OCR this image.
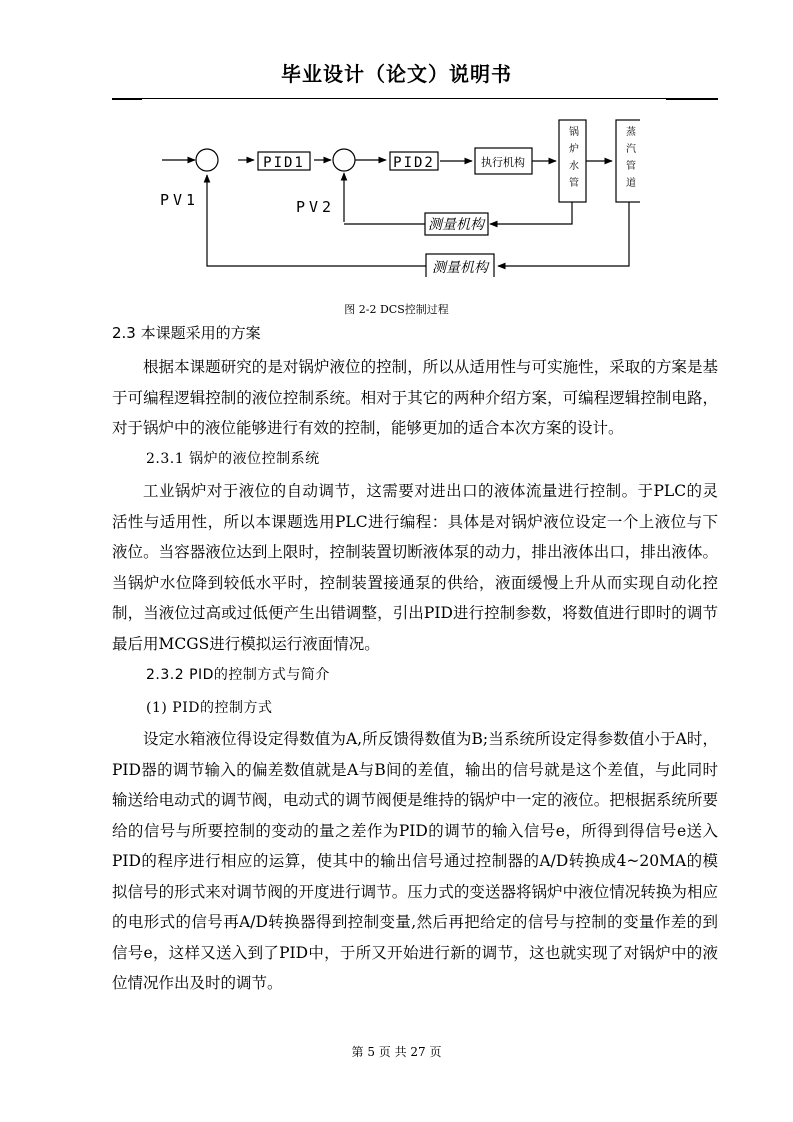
毕业设计（论文）说明书
PID1	PID2
PV1	PV2
执行机构
测量机构
测量机构
锅炉水管	蒸汽管道
图 2-2 DCS控制过程
2.3 本课题采用的方案
根据本课题研究的是对锅炉液位的控制，所以从适用性与可实施性，采取的方案是基于可编程逻辑控制的液位控制系统。相对于其它的两种介绍方案，可编程逻辑控制电路，对于锅炉中的液位能够进行有效的控制，能够更加的适合本次方案的设计。
2.3.1 锅炉的液位控制系统
工业锅炉对于液位的自动调节，这需要对进出口的液体流量进行控制。于PLC的灵活性与适用性，所以本课题选用PLC进行编程：具体是对锅炉液位设定一个上液位与下液位。当容器液位达到上限时，控制装置切断液体泵的动力，排出液体出口，排出液体。当锅炉水位降到较低水平时，控制装置接通泵的供给，液面缓慢上升从而实现自动化控制，当液位过高或过低便产生出错调整，引出PID进行控制参数，将数值进行即时的调节最后用MCGS进行模拟运行液面情况。
2.3.2 PID的控制方式与简介
(1) PID的控制方式
设定水箱液位得设定得数值为A,所反馈得数值为B;当系统所设定得参数值小于A时，PID器的调节输入的偏差数值就是A与B间的差值，输出的信号就是这个差值，与此同时输送给电动式的调节阀，电动式的调节阀便是维持的锅炉中一定的液位。把根据系统所要给的信号与所要控制的变动的量之差作为PID的调节的输入信号e，所得到得信号e送入PID的程序进行相应的运算，使其中的输出信号通过控制器的A/D转换成4~20MA的模拟信号的形式来对调节阀的开度进行调节。压力式的变送器将锅炉中液位情况转换为相应的电形式的信号再A/D转换器得到控制变量,然后再把给定的信号与控制的变量作差的到信号e，这样又送入到了PID中，于所又开始进行新的调节，这也就实现了对锅炉中的液位情况作出及时的调节。
第 5 页 共 27 页
